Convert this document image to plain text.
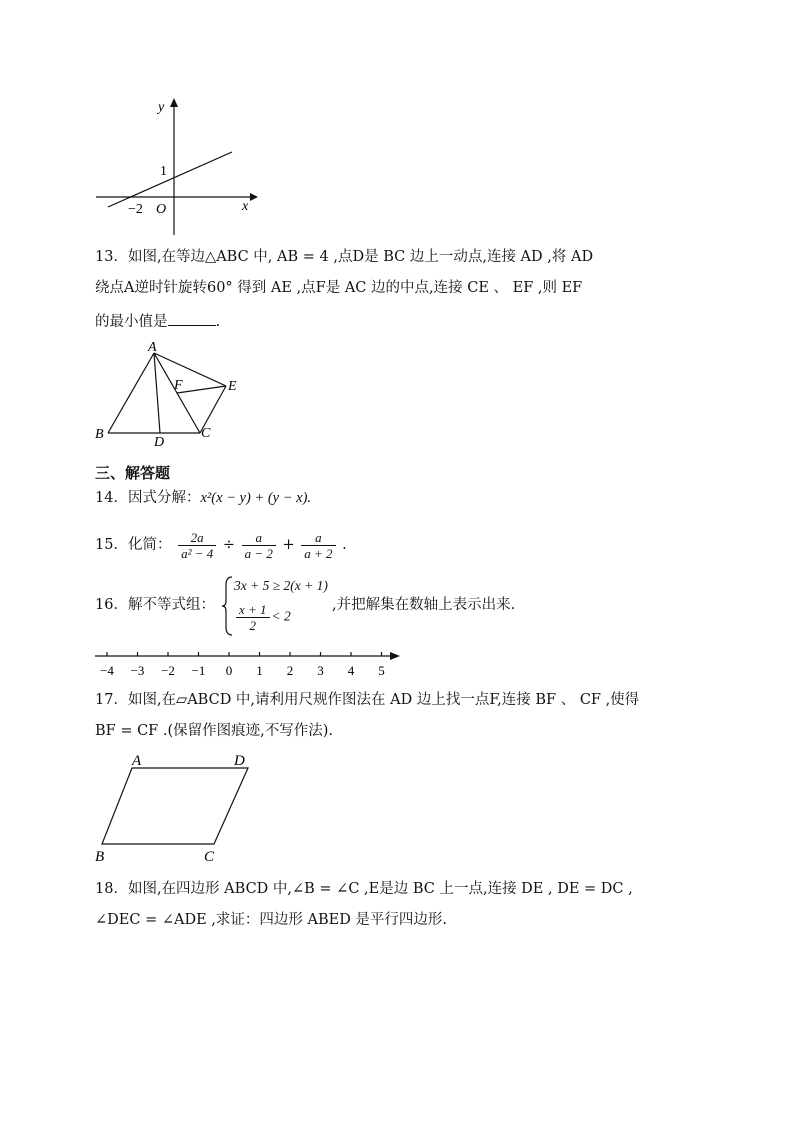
y
x
O
1
−2
13．如图,在等边△ABC 中, AB = 4 ,点D是 BC 边上一动点,连接 AD ,将 AD
绕点A逆时针旋转60° 得到 AE ,点F是 AC 边的中点,连接 CE 、 EF ,则 EF
的最小值是	.
A
B	C
D
E
F
三、解答题
14．因式分解：x²(x − y) + (y − x).
15．化简： $\frac{2a}{\text{a² − 4}} \div \frac{a}{a - 2} + \frac{a}{a + 2}$ .
16．解不等式组：
3x + 5 ≥ 2(x + 1)
$\frac{x + 1}{2} < 2$
,并把解集在数轴上表示出来.
−4 −3 −2 −1 0 1 2 3 4 5
17．如图,在▱ABCD 中,请利用尺规作图法在 AD 边上找一点F,连接 BF 、 CF ,使得
BF = CF .(保留作图痕迹,不写作法).
A	D
B	C
18．如图,在四边形 ABCD 中,∠B = ∠C ,E是边 BC 上一点,连接 DE , DE = DC ,
∠DEC = ∠ADE ,求证：四边形 ABED 是平行四边形.
